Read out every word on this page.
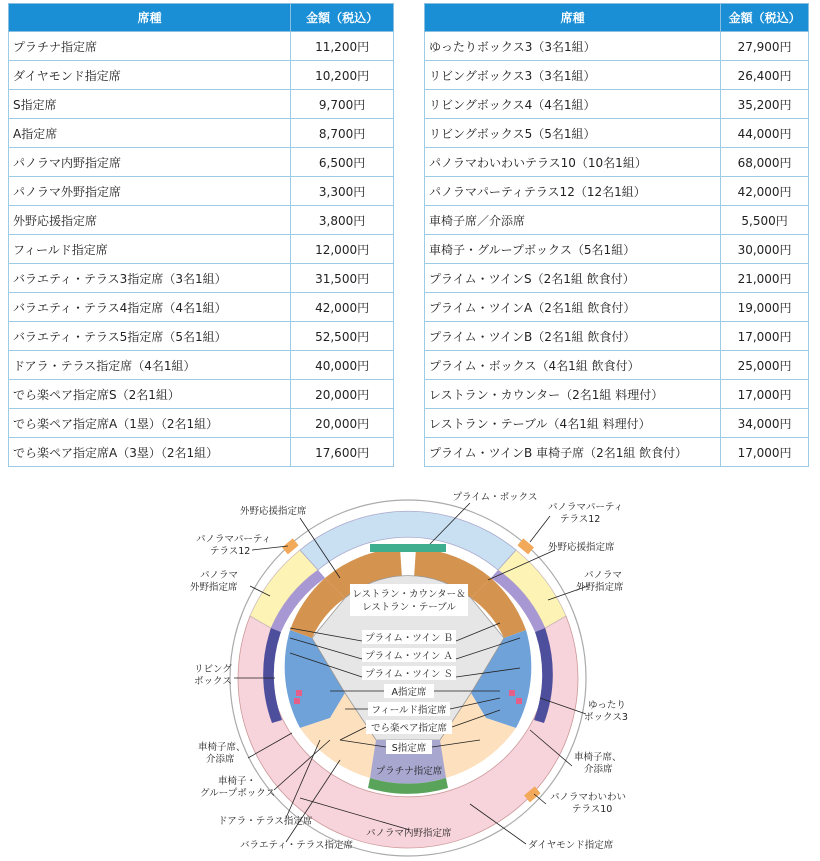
席種	金額（税込）
プラチナ指定席	11,200円
ダイヤモンド指定席	10,200円
S指定席	9,700円
A指定席	8,700円
パノラマ内野指定席	6,500円
パノラマ外野指定席	3,300円
外野応援指定席	3,800円
フィールド指定席	12,000円
バラエティ・テラス3指定席（3名1組）	31,500円
バラエティ・テラス4指定席（4名1組）	42,000円
バラエティ・テラス5指定席（5名1組）	52,500円
ドアラ・テラス指定席（4名1組）	40,000円
でら楽ペア指定席S（2名1組）	20,000円
でら楽ペア指定席A（1塁）（2名1組）	20,000円
でら楽ペア指定席A（3塁）（2名1組）	17,600円
席種	金額（税込）
ゆったりボックス3（3名1組）	27,900円
リビングボックス3（3名1組）	26,400円
リビングボックス4（4名1組）	35,200円
リビングボックス5（5名1組）	44,000円
パノラマわいわいテラス10（10名1組）	68,000円
パノラマパーティテラス12（12名1組）	42,000円
車椅子席／介添席	5,500円
車椅子・グループボックス（5名1組）	30,000円
プライム・ツインS（2名1組 飲食付）	21,000円
プライム・ツインA（2名1組 飲食付）	19,000円
プライム・ツインB（2名1組 飲食付）	17,000円
プライム・ボックス（4名1組 飲食付）	25,000円
レストラン・カウンター（2名1組 料理付）	17,000円
レストラン・テーブル（4名1組 料理付）	34,000円
プライム・ツインB 車椅子席（2名1組 飲食付）	17,000円
プライム・ボックス
パノラマパーティ
テラス12
外野応援指定席
外野応援指定席
パノラマパーティ
テラス12
パノラマ
外野指定席
パノラマ
外野指定席
リビング
ボックス
ゆったり
ボックス3
車椅子席、
介添席	車椅子席、
介添席
車椅子・
グループボックス	パノラマわいわい
テラス10
ドアラ・テラス指定席
バラエティ・テラス指定席
パノラマ内野指定席
ダイヤモンド指定席
レストラン・カウンター＆
レストラン・テーブル
プライム・ツイン Ｂ
プライム・ツイン Ａ
プライム・ツイン Ｓ
A指定席
フィールド指定席
でら楽ペア指定席
S指定席
プラチナ指定席
